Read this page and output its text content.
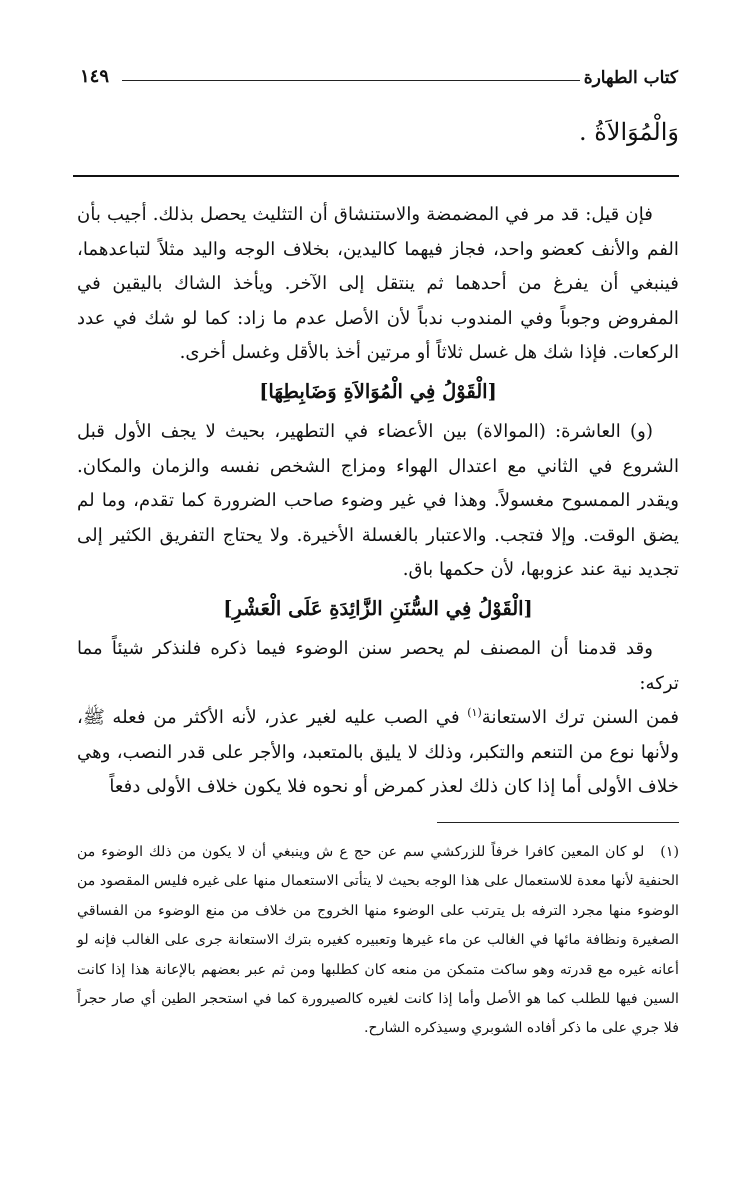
كتاب الطهارة
١٤٩
وَالْمُوَالاَةُ .

فإن قيل: قد مر في المضمضة والاستنشاق أن التثليث يحصل بذلك. أجيب بأن الفم والأنف كعضو واحد، فجاز فيهما كاليدين، بخلاف الوجه واليد مثلاً لتباعدهما، فينبغي أن يفرغ من أحدهما ثم ينتقل إلى الآخر. ويأخذ الشاك باليقين في المفروض وجوباً وفي المندوب ندباً لأن الأصل عدم ما زاد: كما لو شك في عدد الركعات. فإذا شك هل غسل ثلاثاً أو مرتين أخذ بالأقل وغسل أخرى.

[الْقَوْلُ فِي الْمُوَالاَةِ وَضَابِطِهَا]

(و) العاشرة: (الموالاة) بين الأعضاء في التطهير، بحيث لا يجف الأول قبل الشروع في الثاني مع اعتدال الهواء ومزاج الشخص نفسه والزمان والمكان. ويقدر الممسوح مغسولاً. وهذا في غير وضوء صاحب الضرورة كما تقدم، وما لم يضق الوقت. وإلا فتجب. والاعتبار بالغسلة الأخيرة. ولا يحتاج التفريق الكثير إلى تجديد نية عند عزوبها، لأن حكمها باق.

[الْقَوْلُ فِي السُّنَنِ الزَّائِدَةِ عَلَى الْعَشْرِ]

وقد قدمنا أن المصنف لم يحصر سنن الوضوء فيما ذكره فلنذكر شيئاً مما تركه:

فمن السنن ترك الاستعانة$^{(١)}$ في الصب عليه لغير عذر، لأنه الأكثر من فعله ﷺ، ولأنها نوع من التنعم والتكبر، وذلك لا يليق بالمتعبد، والأجر على قدر النصب، وهي خلاف الأولى أما إذا كان ذلك لعذر كمرض أو نحوه فلا يكون خلاف الأولى دفعاً

(١)لو كان المعين كافرا خرفاً للزركشي سم عن حج ع ش وينبغي أن لا يكون من ذلك الوضوء من الحنفية لأنها معدة للاستعمال على هذا الوجه بحيث لا يتأتى الاستعمال منها على غيره فليس المقصود من الوضوء منها مجرد الترفه بل يترتب على الوضوء منها الخروج من خلاف من منع الوضوء من الفساقي الصغيرة ونظافة مائها في الغالب عن ماء غيرها وتعبيره كغيره بترك الاستعانة جرى على الغالب فإنه لو أعانه غيره مع قدرته وهو ساكت متمكن من منعه كان كطلبها ومن ثم عبر بعضهم بالإعانة هذا إذا كانت السين فيها للطلب كما هو الأصل وأما إذا كانت لغيره كالصيرورة كما في استحجر الطين أي صار حجراً فلا جري على ما ذكر أفاده الشوبري وسيذكره الشارح.
